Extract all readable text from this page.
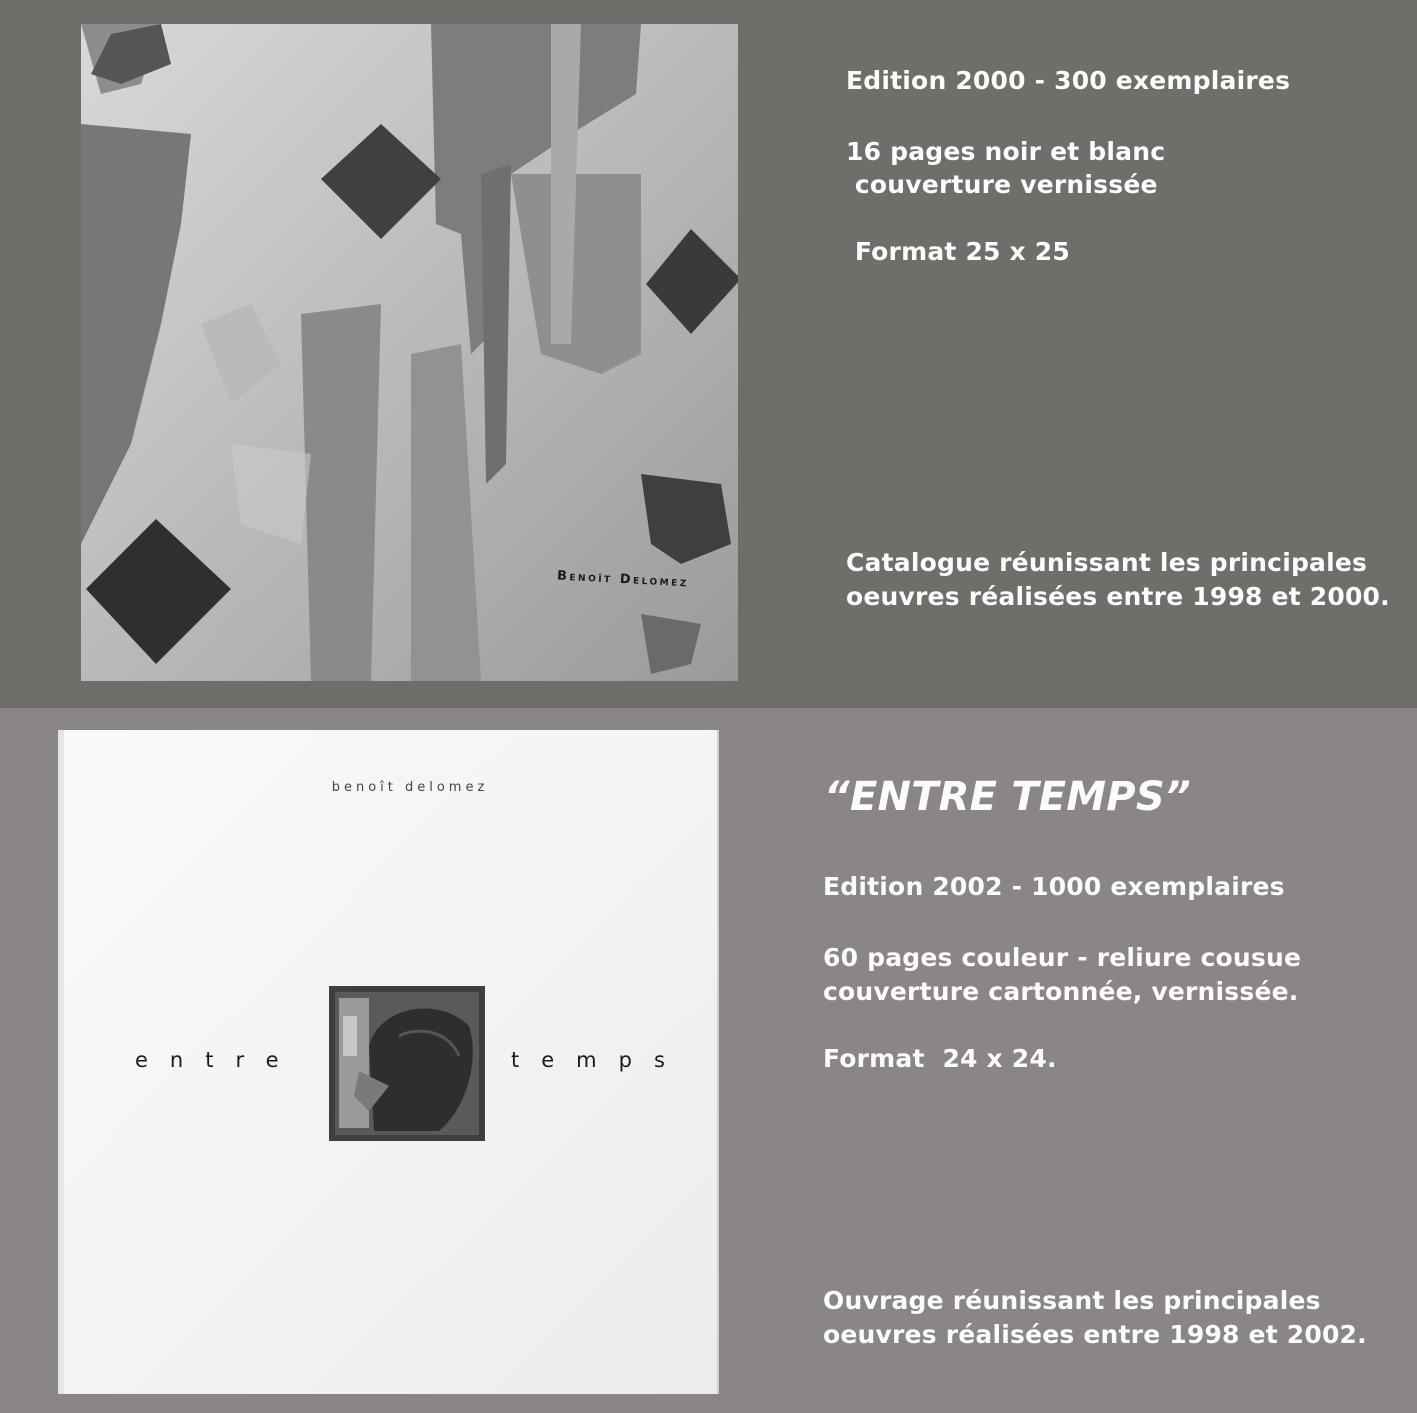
Benoît Delomez

Edition 2000 - 300 exemplaires

16 pages noir et blanc

couverture vernissée

Format 25 x 25

Catalogue réunissant les principales

oeuvres réalisées entre 1998 et 2000.

benoît delomez
entre	temps

“ENTRE TEMPS”

Edition 2002 - 1000 exemplaires

60 pages couleur - reliure cousue

couverture cartonnée, vernissée.

Format  24 x 24.

Ouvrage réunissant les principales

oeuvres réalisées entre 1998 et 2002.
